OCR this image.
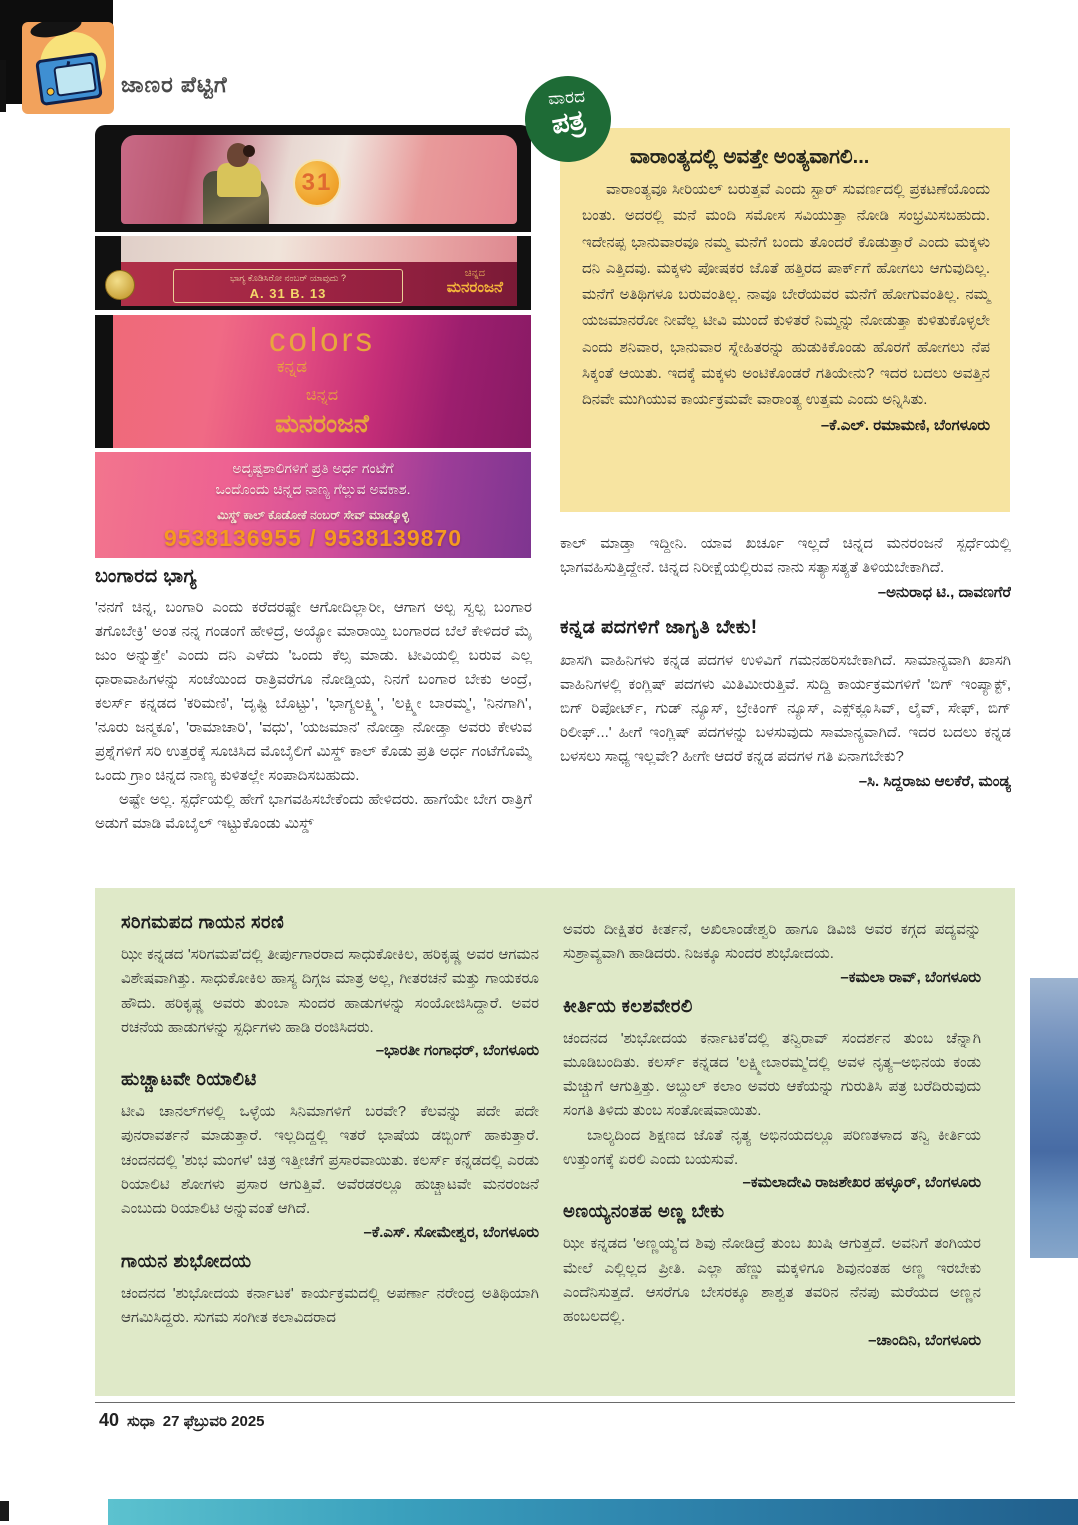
ಜಾಣರ ಪೆಟ್ಟಿಗೆ
ವಾರದ
ಪತ್ರ
ವಾರಾಂತ್ಯದಲ್ಲಿ ಅವತ್ತೇ ಅಂತ್ಯವಾಗಲಿ...

ವಾರಾಂತ್ಯವೂ ಸೀರಿಯಲ್ ಬರುತ್ತವೆ ಎಂದು ಸ್ಟಾರ್ ಸುವರ್ಣದಲ್ಲಿ ಪ್ರಕಟಣೆಯೊಂದು ಬಂತು. ಅದರಲ್ಲಿ ಮನೆ ಮಂದಿ ಸಮೋಸ ಸವಿಯುತ್ತಾ ನೋಡಿ ಸಂಭ್ರಮಿಸಬಹುದು. ಇದೇನಪ್ಪ ಭಾನುವಾರವೂ ನಮ್ಮ ಮನೆಗೆ ಬಂದು ತೊಂದರೆ ಕೊಡುತ್ತಾರೆ ಎಂದು ಮಕ್ಕಳು ದನಿ ಎತ್ತಿದವು. ಮಕ್ಕಳು ಪೋಷಕರ ಜೊತೆ ಹತ್ತಿರದ ಪಾರ್ಕ್‌ಗೆ ಹೋಗಲು ಆಗುವುದಿಲ್ಲ. ಮನೆಗೆ ಅತಿಥಿಗಳೂ ಬರುವಂತಿಲ್ಲ. ನಾವೂ ಬೇರೆಯವರ ಮನೆಗೆ ಹೋಗುವಂತಿಲ್ಲ. ನಮ್ಮ ಯಜಮಾನರೋ ನೀವೆಲ್ಲ ಟೀವಿ ಮುಂದೆ ಕುಳಿತರೆ ನಿಮ್ಮನ್ನು ನೋಡುತ್ತಾ ಕುಳಿತುಕೊಳ್ಳಲೇ ಎಂದು ಶನಿವಾರ, ಭಾನುವಾರ ಸ್ನೇಹಿತರನ್ನು ಹುಡುಕಿಕೊಂಡು ಹೊರಗೆ ಹೋಗಲು ನೆಪ ಸಿಕ್ಕಂತೆ ಆಯಿತು. ಇದಕ್ಕೆ ಮಕ್ಕಳು ಅಂಟಿಕೊಂಡರೆ ಗತಿಯೇನು? ಇದರ ಬದಲು ಅವತ್ತಿನ ದಿನವೇ ಮುಗಿಯುವ ಕಾರ್ಯಕ್ರಮವೇ ವಾರಾಂತ್ಯ ಉತ್ತಮ ಎಂದು ಅನ್ನಿಸಿತು.

–ಕೆ.ಎಲ್. ರಮಾಮಣಿ, ಬೆಂಗಳೂರು
31
ಭಾಗ್ಯ ಕೊಡಿಸಿರೋ ನಂಬರ್ ಯಾವುದು ?
A. 31 B. 13
ಚಿನ್ನದ
ಮನರಂಜನೆ
colors
ಕನ್ನಡ
ಚಿನ್ನದ
ಮನರಂಜನೆ
ಅದೃಷ್ಟಶಾಲಿಗಳಿಗೆ ಪ್ರತಿ ಅರ್ಧ ಗಂಟೆಗೆ
ಒಂದೊಂದು ಚಿನ್ನದ ನಾಣ್ಯ ಗೆಲ್ಲುವ ಅವಕಾಶ.
ಮಿಸ್ಡ್ ಕಾಲ್ ಕೊಡೋಕೆ ನಂಬರ್ ಸೇವ್ ಮಾಡ್ಕೊಳ್ಳಿ
9538136955 / 9538139870
ಬಂಗಾರದ ಭಾಗ್ಯ

'ನನಗೆ ಚಿನ್ನ, ಬಂಗಾರಿ ಎಂದು ಕರೆದರಷ್ಟೇ ಆಗೋದಿಲ್ಲಾರೀ, ಆಗಾಗ ಅಲ್ಪ ಸ್ವಲ್ಪ ಬಂಗಾರ ತಗೊಬೇಕ್ರಿ' ಅಂತ ನನ್ನ ಗಂಡಂಗೆ ಹೇಳಿದ್ರೆ, ಅಯ್ಯೋ ಮಾರಾಯ್ತಿ ಬಂಗಾರದ ಬೆಲೆ ಕೇಳಿದರೆ ಮೈ ಜುಂ ಅನ್ನುತ್ತೇ' ಎಂದು ದನಿ ಎಳೆದು 'ಒಂದು ಕೆಲ್ಸ ಮಾಡು. ಟೀವಿಯಲ್ಲಿ ಬರುವ ಎಲ್ಲ ಧಾರಾವಾಹಿಗಳನ್ನು ಸಂಜೆಯಿಂದ ರಾತ್ರಿವರೆಗೂ ನೋಡ್ತಿಯ, ನಿನಗೆ ಬಂಗಾರ ಬೇಕು ಅಂದ್ರೆ, ಕಲರ್ಸ್ ಕನ್ನಡದ 'ಕರಿಮಣಿ', 'ದೃಷ್ಟಿ ಬೊಟ್ಟು', 'ಭಾಗ್ಯಲಕ್ಷ್ಮಿ', 'ಲಕ್ಷ್ಮೀ ಬಾರಮ್ಮ', 'ನಿನಗಾಗಿ', 'ನೂರು ಜನ್ಮಕೂ', 'ರಾಮಾಚಾರಿ', 'ವಧು', 'ಯಜಮಾನ' ನೋಡ್ತಾ ನೋಡ್ತಾ ಅವರು ಕೇಳುವ ಪ್ರಶ್ನೆಗಳಿಗೆ ಸರಿ ಉತ್ತರಕ್ಕೆ ಸೂಚಿಸಿದ ಮೊಬೈಲಿಗೆ ಮಿಸ್ಡ್ ಕಾಲ್ ಕೊಡು ಪ್ರತಿ ಅರ್ಧ ಗಂಟೆಗೊಮ್ಮೆ ಒಂದು ಗ್ರಾಂ ಚಿನ್ನದ ನಾಣ್ಯ ಕುಳಿತಲ್ಲೇ ಸಂಪಾದಿಸಬಹುದು.

ಅಷ್ಟೇ ಅಲ್ಲ. ಸ್ಪರ್ಧೆಯಲ್ಲಿ ಹೇಗೆ ಭಾಗವಹಿಸಬೇಕೆಂದು ಹೇಳಿದರು. ಹಾಗೆಯೇ ಬೇಗ ರಾತ್ರಿಗೆ ಅಡುಗೆ ಮಾಡಿ ಮೊಬೈಲ್ ಇಟ್ಟುಕೊಂಡು ಮಿಸ್ಡ್

ಕಾಲ್ ಮಾಡ್ತಾ ಇದ್ದೀನಿ. ಯಾವ ಖರ್ಚೂ ಇಲ್ಲದೆ ಚಿನ್ನದ ಮನರಂಜನೆ ಸ್ಪರ್ಧೆಯಲ್ಲಿ ಭಾಗವಹಿಸುತ್ತಿದ್ದೇನೆ. ಚಿನ್ನದ ನಿರೀಕ್ಷೆಯಲ್ಲಿರುವ ನಾನು ಸತ್ಯಾಸತ್ಯತೆ ತಿಳಿಯಬೇಕಾಗಿದೆ.

–ಅನುರಾಧ ಟಿ., ದಾವಣಗೆರೆ
ಕನ್ನಡ ಪದಗಳಿಗೆ ಜಾಗೃತಿ ಬೇಕು!

ಖಾಸಗಿ ವಾಹಿನಿಗಳು ಕನ್ನಡ ಪದಗಳ ಉಳಿವಿಗೆ ಗಮನಹರಿಸಬೇಕಾಗಿದೆ. ಸಾಮಾನ್ಯವಾಗಿ ಖಾಸಗಿ ವಾಹಿನಿಗಳಲ್ಲಿ ಕಂಗ್ಲಿಷ್ ಪದಗಳು ಮಿತಿಮೀರುತ್ತಿವೆ. ಸುದ್ದಿ ಕಾರ್ಯಕ್ರಮಗಳಿಗೆ 'ಬಿಗ್ ಇಂಪ್ಯಾಕ್ಟ್, ಬಿಗ್ ರಿಪೋರ್ಟ್, ಗುಡ್ ನ್ಯೂಸ್, ಬ್ರೇಕಿಂಗ್ ನ್ಯೂಸ್, ಎಕ್ಸ್‌ಕ್ಲೂಸಿವ್, ಲೈವ್, ಸೇಫ್, ಬಿಗ್ ರಿಲೀಫ್...' ಹೀಗೆ ಇಂಗ್ಲಿಷ್ ಪದಗಳನ್ನು ಬಳಸುವುದು ಸಾಮಾನ್ಯವಾಗಿದೆ. ಇದರ ಬದಲು ಕನ್ನಡ ಬಳಸಲು ಸಾಧ್ಯ ಇಲ್ಲವೇ? ಹೀಗೇ ಆದರೆ ಕನ್ನಡ ಪದಗಳ ಗತಿ ಏನಾಗಬೇಕು?

–ಸಿ. ಸಿದ್ದರಾಜು ಆಲಕೆರೆ, ಮಂಡ್ಯ
ಸರಿಗಮಪದ ಗಾಯನ ಸರಣಿ

ಝೀ ಕನ್ನಡದ 'ಸರಿಗಮಪ'ದಲ್ಲಿ ತೀರ್ಪುಗಾರರಾದ ಸಾಧುಕೋಕಿಲ, ಹರಿಕೃಷ್ಣ ಅವರ ಆಗಮನ ವಿಶೇಷವಾಗಿತ್ತು. ಸಾಧುಕೋಕಿಲ ಹಾಸ್ಯ ದಿಗ್ಗಜ ಮಾತ್ರ ಅಲ್ಲ, ಗೀತರಚನೆ ಮತ್ತು ಗಾಯಕರೂ ಹೌದು. ಹರಿಕೃಷ್ಣ ಅವರು ತುಂಬಾ ಸುಂದರ ಹಾಡುಗಳನ್ನು ಸಂಯೋಜಿಸಿದ್ದಾರೆ. ಅವರ ರಚನೆಯ ಹಾಡುಗಳನ್ನು ಸ್ಪರ್ಧಿಗಳು ಹಾಡಿ ರಂಜಿಸಿದರು.

–ಭಾರತೀ ಗಂಗಾಧರ್, ಬೆಂಗಳೂರು
ಹುಚ್ಚಾಟವೇ ರಿಯಾಲಿಟಿ

ಟೀವಿ ಚಾನಲ್‌ಗಳಲ್ಲಿ ಒಳ್ಳೆಯ ಸಿನಿಮಾಗಳಿಗೆ ಬರವೇ? ಕೆಲವನ್ನು ಪದೇ ಪದೇ ಪುನರಾವರ್ತನೆ ಮಾಡುತ್ತಾರೆ. ಇಲ್ಲದಿದ್ದಲ್ಲಿ ಇತರೆ ಭಾಷೆಯ ಡಬ್ಬಿಂಗ್ ಹಾಕುತ್ತಾರೆ. ಚಂದನದಲ್ಲಿ 'ಶುಭ ಮಂಗಳ' ಚಿತ್ರ ಇತ್ತೀಚೆಗೆ ಪ್ರಸಾರವಾಯಿತು. ಕಲರ್ಸ್ ಕನ್ನಡದಲ್ಲಿ ಎರಡು ರಿಯಾಲಿಟಿ ಶೋಗಳು ಪ್ರಸಾರ ಆಗುತ್ತಿವೆ. ಅವೆರಡರಲ್ಲೂ ಹುಚ್ಚಾಟವೇ ಮನರಂಜನೆ ಎಂಬುದು ರಿಯಾಲಿಟಿ ಅನ್ನುವಂತೆ ಆಗಿದೆ.

–ಕೆ.ಎಸ್. ಸೋಮೇಶ್ವರ, ಬೆಂಗಳೂರು
ಗಾಯನ ಶುಭೋದಯ

ಚಂದನದ 'ಶುಭೋದಯ ಕರ್ನಾಟಕ' ಕಾರ್ಯಕ್ರಮದಲ್ಲಿ ಅಪರ್ಣಾ ನರೇಂದ್ರ ಅತಿಥಿಯಾಗಿ ಆಗಮಿಸಿದ್ದರು. ಸುಗಮ ಸಂಗೀತ ಕಲಾವಿದರಾದ

ಅವರು ದೀಕ್ಷಿತರ ಕೀರ್ತನೆ, ಅಖಿಲಾಂಡೇಶ್ವರಿ ಹಾಗೂ ಡಿವಿಜಿ ಅವರ ಕಗ್ಗದ ಪದ್ಯವನ್ನು ಸುಶ್ರಾವ್ಯವಾಗಿ ಹಾಡಿದರು. ನಿಜಕ್ಕೂ ಸುಂದರ ಶುಭೋದಯ.

–ಕಮಲಾ ರಾವ್, ಬೆಂಗಳೂರು
ಕೀರ್ತಿಯ ಕಲಶವೇರಲಿ

ಚಂದನದ 'ಶುಭೋದಯ ಕರ್ನಾಟಕ'ದಲ್ಲಿ ತನ್ವಿರಾವ್ ಸಂದರ್ಶನ ತುಂಬ ಚೆನ್ನಾಗಿ ಮೂಡಿಬಂದಿತು. ಕಲರ್ಸ್ ಕನ್ನಡದ 'ಲಕ್ಷ್ಮೀಬಾರಮ್ಮ'ದಲ್ಲಿ ಅವಳ ನೃತ್ಯ–ಅಭಿನಯ ಕಂಡು ಮೆಚ್ಚುಗೆ ಆಗುತ್ತಿತ್ತು. ಅಬ್ದುಲ್ ಕಲಾಂ ಅವರು ಆಕೆಯನ್ನು ಗುರುತಿಸಿ ಪತ್ರ ಬರೆದಿರುವುದು ಸಂಗತಿ ತಿಳಿದು ತುಂಬ ಸಂತೋಷವಾಯಿತು.

ಬಾಲ್ಯದಿಂದ ಶಿಕ್ಷಣದ ಜೊತೆ ನೃತ್ಯ ಅಭಿನಯದಲ್ಲೂ ಪರಿಣತಳಾದ ತನ್ವಿ ಕೀರ್ತಿಯ ಉತ್ತುಂಗಕ್ಕೆ ಏರಲಿ ಎಂದು ಬಯಸುವೆ.

–ಕಮಲಾದೇವಿ ರಾಜಶೇಖರ ಹಳ್ಳೂರ್, ಬೆಂಗಳೂರು
ಅಣಯ್ಯನಂತಹ ಅಣ್ಣ ಬೇಕು

ಝೀ ಕನ್ನಡದ 'ಅಣ್ಣಯ್ಯ'ದ ಶಿವು ನೋಡಿದ್ರೆ ತುಂಬ ಖುಷಿ ಆಗುತ್ತದೆ. ಅವನಿಗೆ ತಂಗಿಯರ ಮೇಲೆ ಎಲ್ಲಿಲ್ಲದ ಪ್ರೀತಿ. ಎಲ್ಲಾ ಹೆಣ್ಣು ಮಕ್ಕಳಿಗೂ ಶಿವುನಂತಹ ಅಣ್ಣ ಇರಬೇಕು ಎಂದೆನಿಸುತ್ತದೆ. ಆಸರೆಗೂ ಬೇಸರಕ್ಕೂ ಶಾಶ್ವತ ತವರಿನ ನೆನಪು ಮರೆಯದ ಅಣ್ಣನ ಹಂಬಲದಲ್ಲಿ.

–ಚಾಂದಿನಿ, ಬೆಂಗಳೂರು
40 ಸುಧಾ 27 ಫೆಬ್ರುವರಿ 2025
